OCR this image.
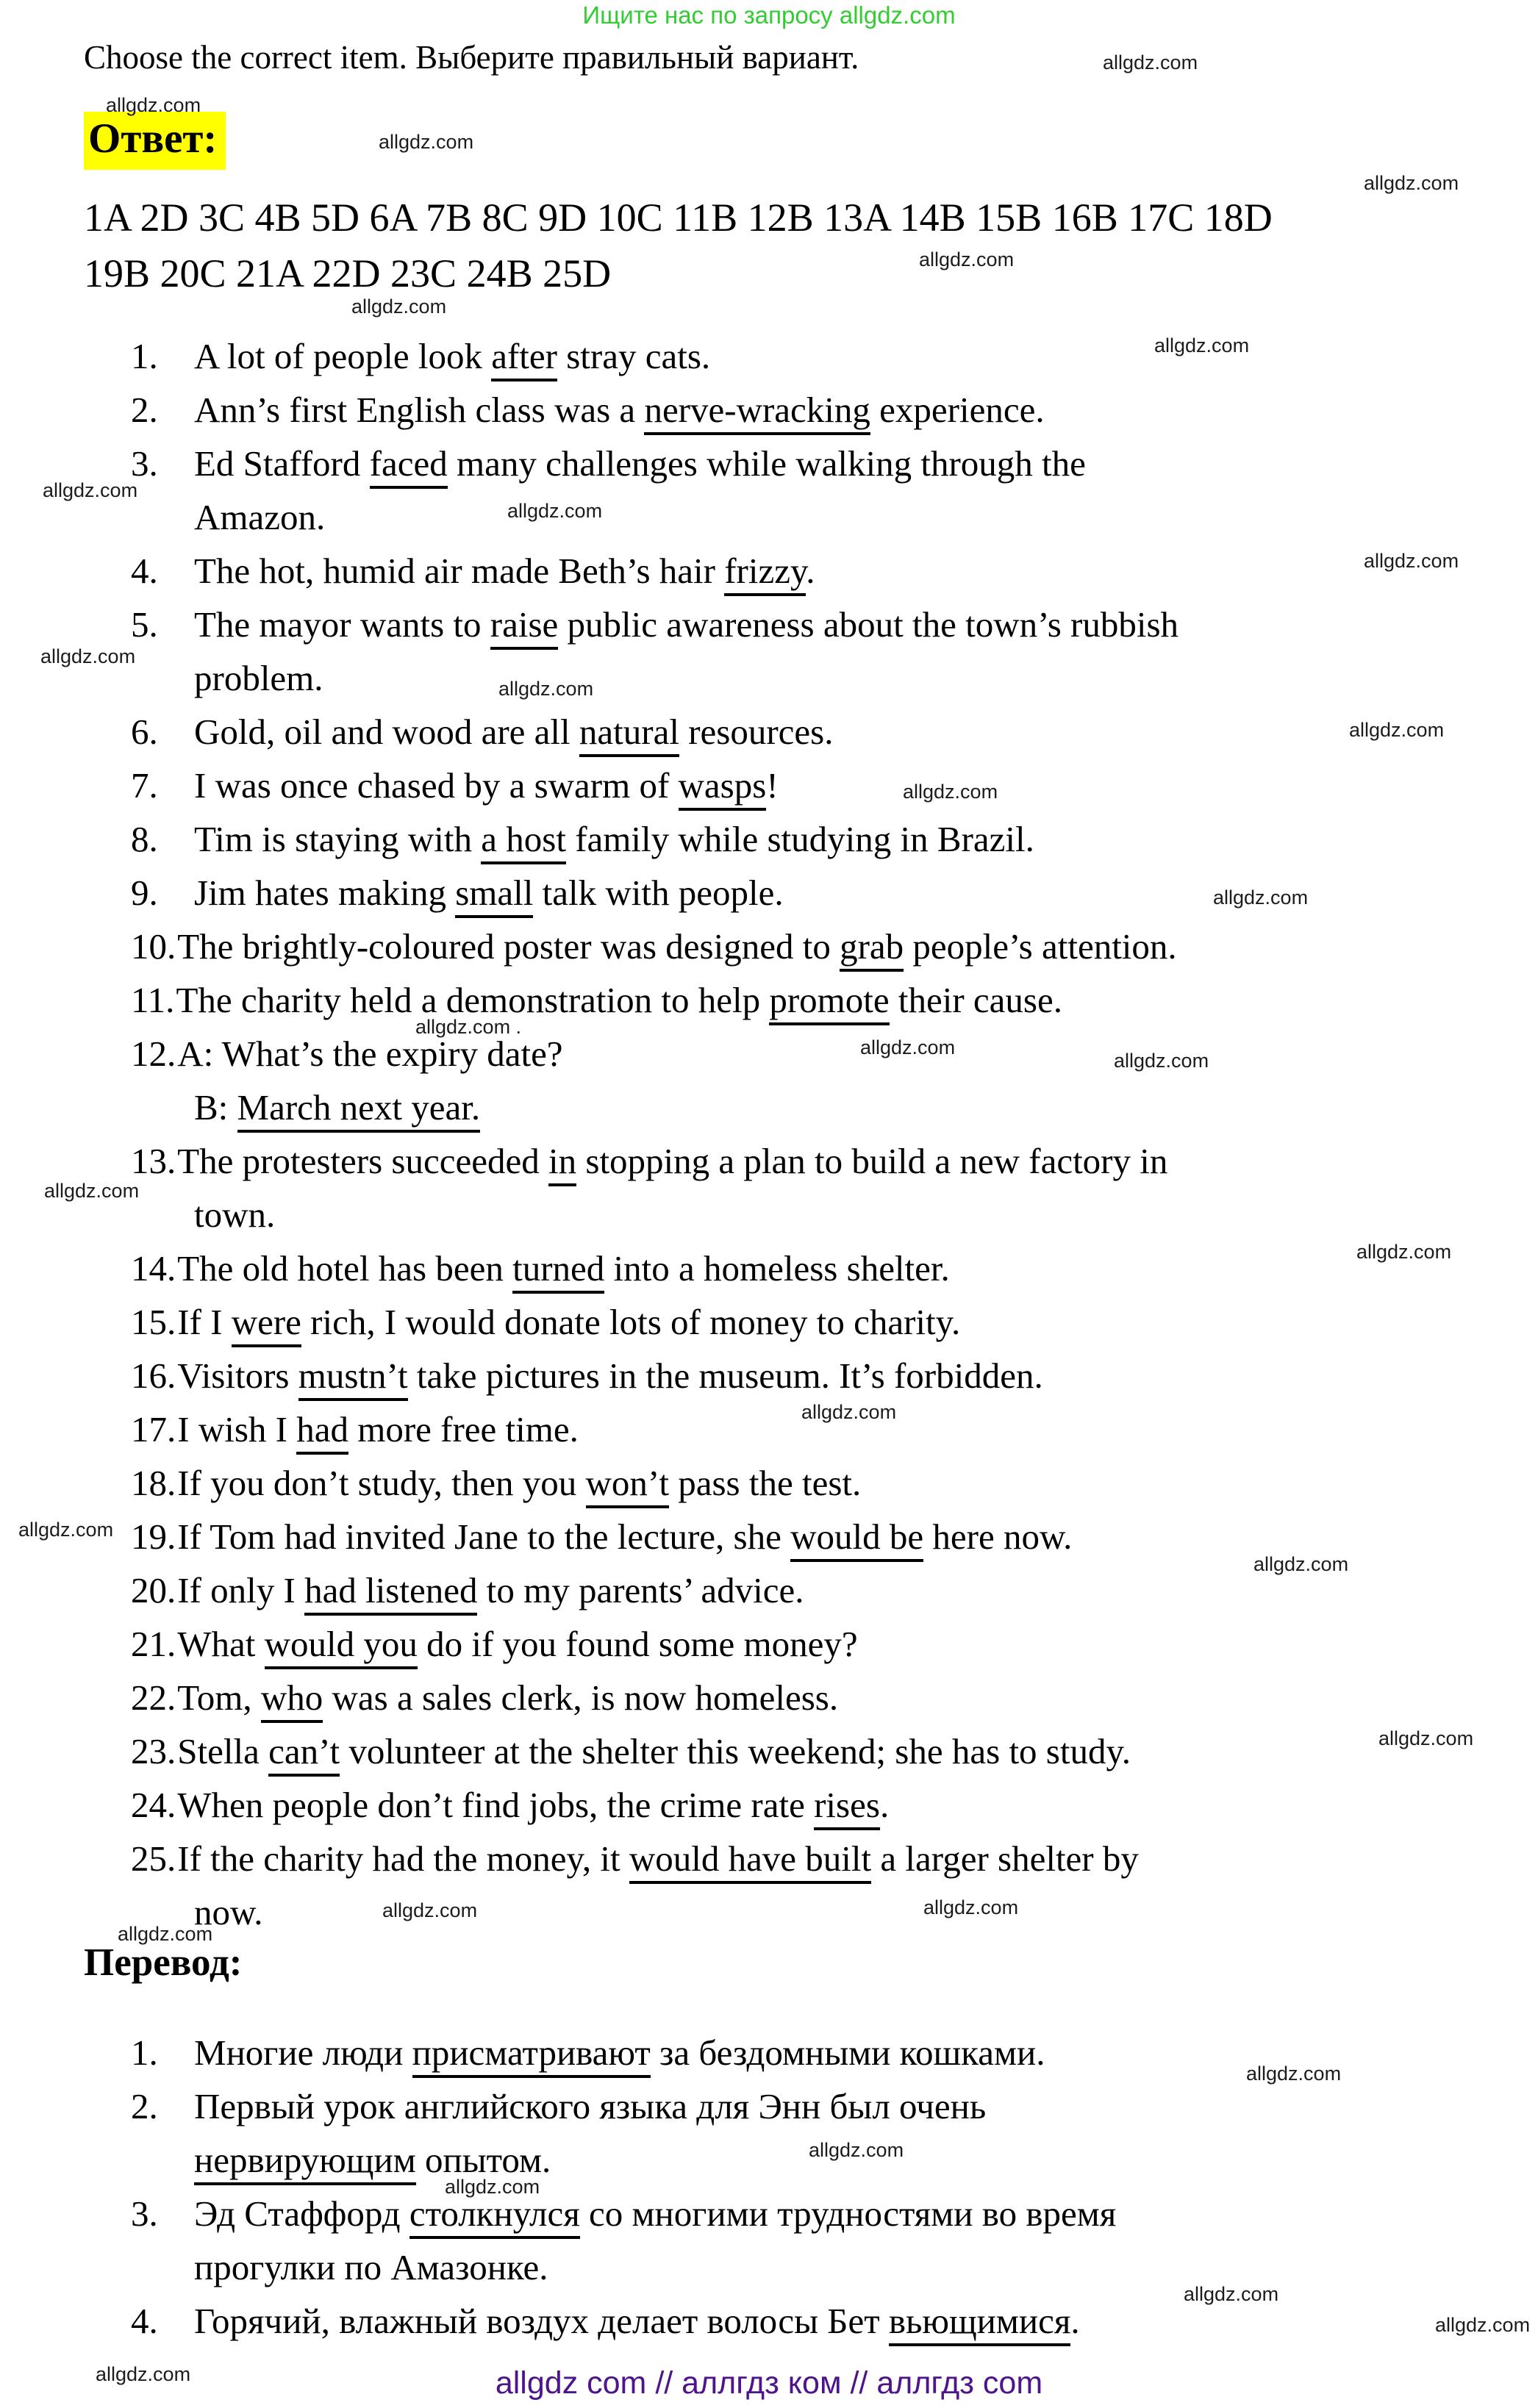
Ищите нас по запросу allgdz.com
Choose the correct item. Выберите правильный вариант.
Ответ:
1A 2D 3C 4B 5D 6A 7B 8C 9D 10C 11B 12B 13A 14B 15B 16B 17C 18D
19B 20C 21A 22D 23C 24B 25D
1. A lot of people look after stray cats.
2. Ann’s first English class was a nerve-wracking experience.
3. Ed Stafford faced many challenges while walking through the
Amazon.
4. The hot, humid air made Beth’s hair frizzy.
5. The mayor wants to raise public awareness about the town’s rubbish
problem.
6. Gold, oil and wood are all natural resources.
7. I was once chased by a swarm of wasps!
8. Tim is staying with a host family while studying in Brazil.
9. Jim hates making small talk with people.
10.The brightly-coloured poster was designed to grab people’s attention.
11.The charity held a demonstration to help promote their cause.
12.A: What’s the expiry date?
B: March next year.
13.The protesters succeeded in stopping a plan to build a new factory in
town.
14.The old hotel has been turned into a homeless shelter.
15.If I were rich, I would donate lots of money to charity.
16.Visitors mustn’t take pictures in the museum. It’s forbidden.
17.I wish I had more free time.
18.If you don’t study, then you won’t pass the test.
19.If Tom had invited Jane to the lecture, she would be here now.
20.If only I had listened to my parents’ advice.
21.What would you do if you found some money?
22.Tom, who was a sales clerk, is now homeless.
23.Stella can’t volunteer at the shelter this weekend; she has to study.
24.When people don’t find jobs, the crime rate rises.
25.If the charity had the money, it would have built a larger shelter by
now.
Перевод:
1. Многие люди присматривают за бездомными кошками.
2. Первый урок английского языка для Энн был очень
нервирующим опытом.
3. Эд Стаффорд столкнулся со многими трудностями во время
прогулки по Амазонке.
4. Горячий, влажный воздух делает волосы Бет вьющимися.
allgdz.com
allgdz.com
allgdz.com
allgdz.com
allgdz.com
allgdz.com
allgdz.com
allgdz.com
allgdz.com
allgdz.com
allgdz.com
allgdz.com
allgdz.com
allgdz.com
allgdz.com
allgdz.com .
allgdz.com
allgdz.com
allgdz.com
allgdz.com
allgdz.com
allgdz.com
allgdz.com
allgdz.com
allgdz.com
allgdz.com
allgdz.com
allgdz.com
allgdz.com
allgdz.com
allgdz.com
allgdz.com
allgdz.com	allgdz com // аллгдз ком // аллгдз com
